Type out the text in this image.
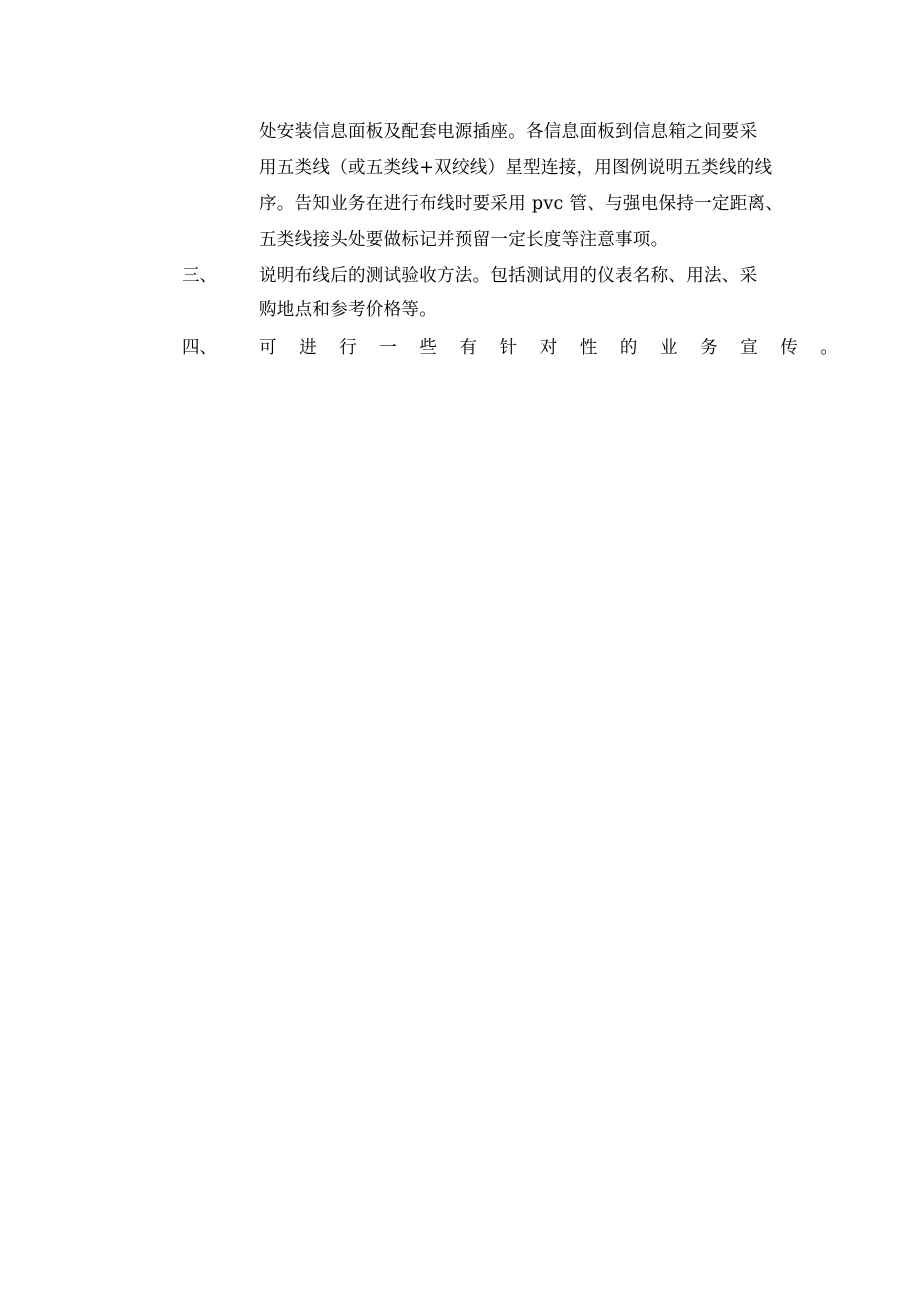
处安装信息面板及配套电源插座。各信息面板到信息箱之间要采
用五类线（或五类线+双绞线）星型连接，用图例说明五类线的线
序。告知业务在进行布线时要采用 pvc 管、与强电保持一定距离、
五类线接头处要做标记并预留一定长度等注意事项。
三、 说明布线后的测试验收方法。包括测试用的仪表名称、用法、采
购地点和参考价格等。
四、 可进行一些有针对性的业务宣传。
